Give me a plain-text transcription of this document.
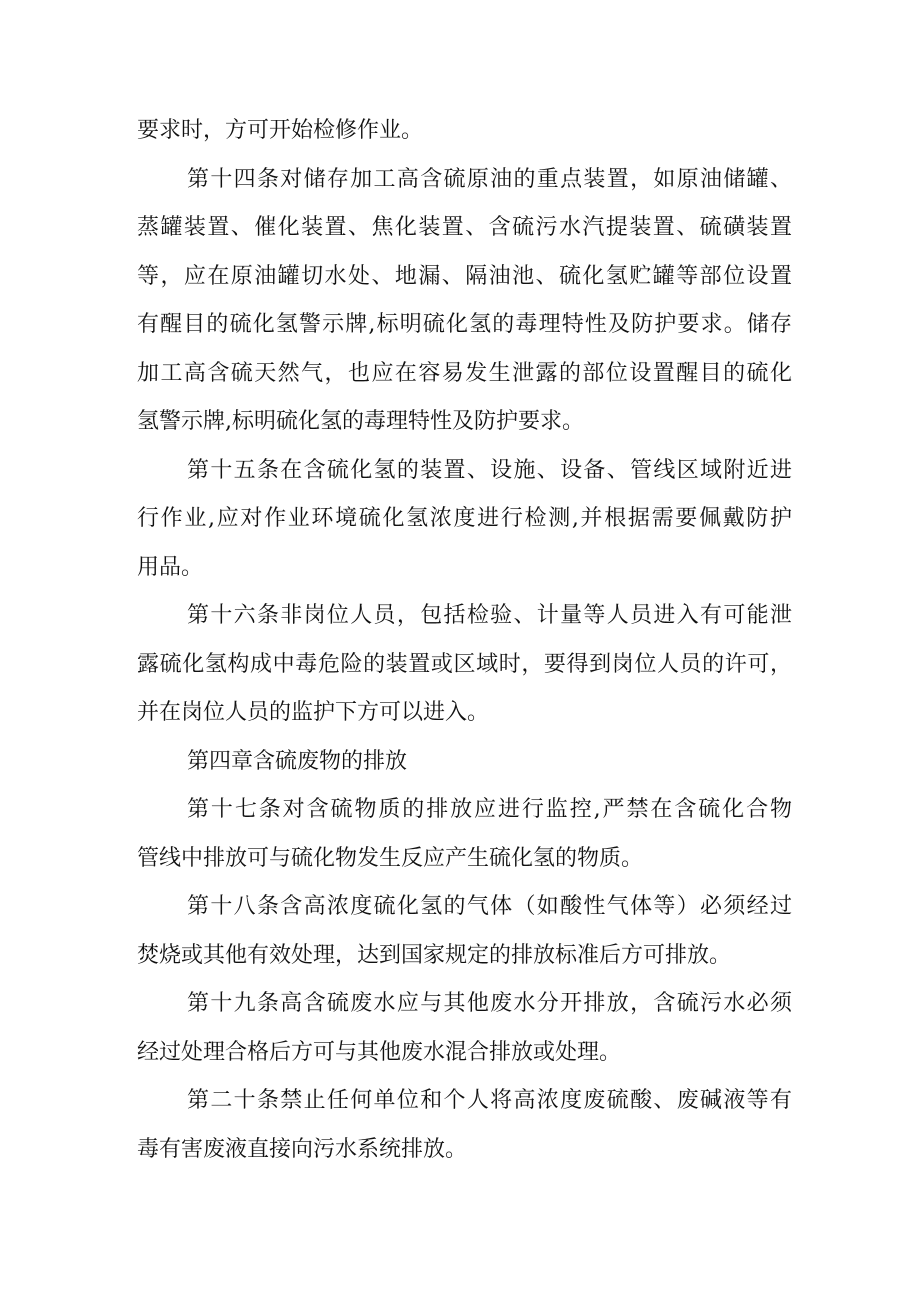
要求时，方可开始检修作业。
第十四条对储存加工高含硫原油的重点装置，如原油储罐、
蒸罐装置、催化装置、焦化装置、含硫污水汽提装置、硫磺装置
等，应在原油罐切水处、地漏、隔油池、硫化氢贮罐等部位设置
有醒目的硫化氢警示牌,标明硫化氢的毒理特性及防护要求。储存
加工高含硫天然气，也应在容易发生泄露的部位设置醒目的硫化
氢警示牌,标明硫化氢的毒理特性及防护要求。
第十五条在含硫化氢的装置、设施、设备、管线区域附近进
行作业,应对作业环境硫化氢浓度进行检测,并根据需要佩戴防护
用品。
第十六条非岗位人员，包括检验、计量等人员进入有可能泄
露硫化氢构成中毒危险的装置或区域时，要得到岗位人员的许可，
并在岗位人员的监护下方可以进入。
第四章含硫废物的排放
第十七条对含硫物质的排放应进行监控,严禁在含硫化合物
管线中排放可与硫化物发生反应产生硫化氢的物质。
第十八条含高浓度硫化氢的气体（如酸性气体等）必须经过
焚烧或其他有效处理，达到国家规定的排放标准后方可排放。
第十九条高含硫废水应与其他废水分开排放，含硫污水必须
经过处理合格后方可与其他废水混合排放或处理。
第二十条禁止任何单位和个人将高浓度废硫酸、废碱液等有
毒有害废液直接向污水系统排放。
